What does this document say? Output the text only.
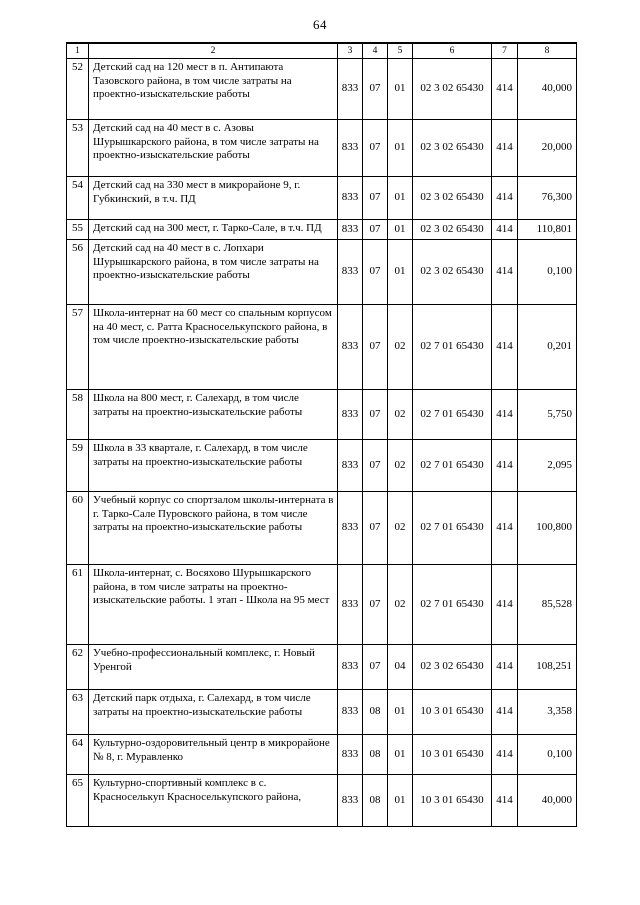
64
1	2	3	4	5	6	7	8
52	Детский сад на 120 мест в п. Антипаюта Тазовского района, в том числе затраты на проектно-изыскательские работы	833	07	01	02 3 02 65430	414	40,000
53	Детский сад на 40 мест в с. Азовы Шурышкарского района, в том числе затраты на проектно-изыскательские работы	833	07	01	02 3 02 65430	414	20,000
54	Детский сад на 330 мест в микрорайоне 9, г. Губкинский, в т.ч. ПД	833	07	01	02 3 02 65430	414	76,300
55	Детский сад на 300 мест, г. Тарко-Сале, в т.ч. ПД	833	07	01	02 3 02 65430	414	110,801
56	Детский сад на 40 мест в с. Лопхари Шурышкарского района, в том числе затраты на проектно-изыскательские работы	833	07	01	02 3 02 65430	414	0,100
57	Школа-интернат на 60 мест со спальным корпусом на 40 мест, с. Ратта Красноселькупского района, в том числе проектно-изыскательские работы	833	07	02	02 7 01 65430	414	0,201
58	Школа на 800 мест, г. Салехард, в том числе затраты на проектно-изыскательские работы	833	07	02	02 7 01 65430	414	5,750
59	Школа в 33 квартале, г. Салехард, в том числе затраты на проектно-изыскательские работы	833	07	02	02 7 01 65430	414	2,095
60	Учебный корпус со спортзалом школы-интерната в г. Тарко-Сале Пуровского района, в том числе затраты на проектно-изыскательские работы	833	07	02	02 7 01 65430	414	100,800
61	Школа-интернат, с. Восяхово Шурышкарского района, в том числе затраты на проектно-изыскательские работы. 1 этап - Школа на 95 мест	833	07	02	02 7 01 65430	414	85,528
62	Учебно-профессиональный комплекс, г. Новый Уренгой	833	07	04	02 3 02 65430	414	108,251
63	Детский парк отдыха, г. Салехард, в том числе затраты на проектно-изыскательские работы	833	08	01	10 3 01 65430	414	3,358
64	Культурно-оздоровительный центр в микрорайоне № 8, г. Муравленко	833	08	01	10 3 01 65430	414	0,100
65	Культурно-спортивный комплекс в с. Красноселькуп Красноселькупского района,	833	08	01	10 3 01 65430	414	40,000
